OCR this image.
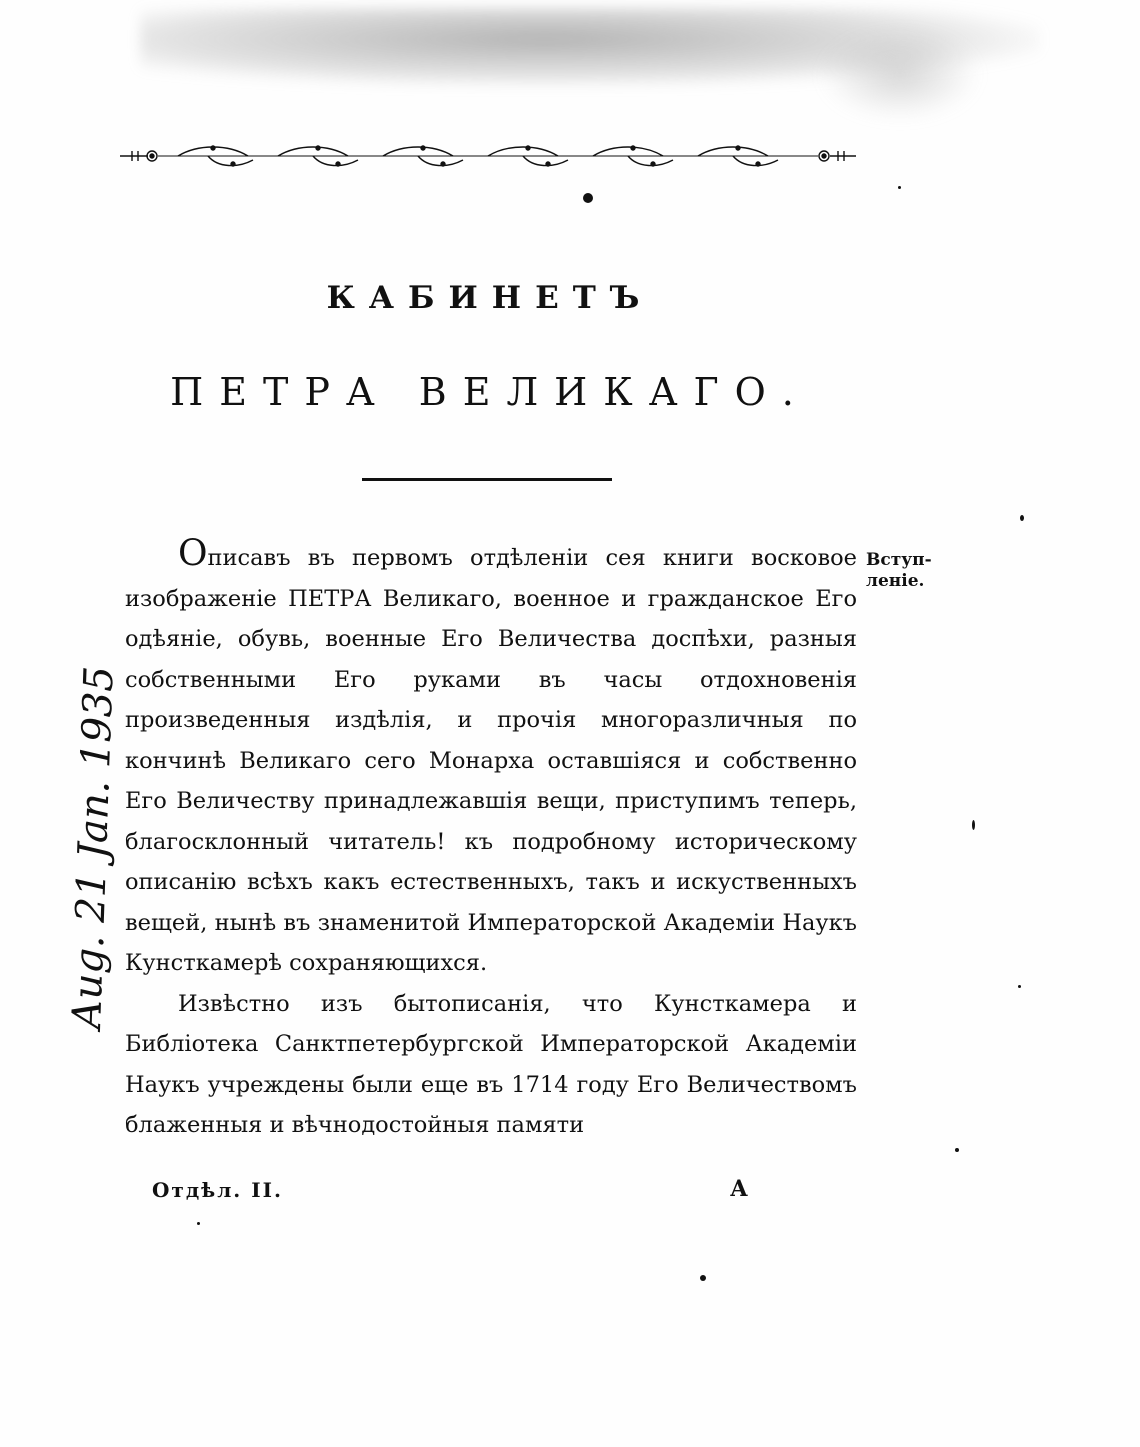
КАБИНЕТЪ
ПЕТРА ВЕЛИКАГО.
Вступ-
леніе.

Описавъ въ первомъ отдѣленіи сея книги восковое изображеніе ПЕТРА Великаго, военное и гражданское Его одѣяніе, обувь, военные Его Величества доспѣхи, разныя собственными Его руками въ часы отдохновенія произведенныя издѣлія, и прочія многоразличныя по кончинѣ Великаго сего Монарха оставшіяся и собственно Его Величеству принадлежавшія вещи, приступимъ теперь, благосклонный читатель! къ подробному историческому описанію всѣхъ какъ естественныхъ, такъ и искуственныхъ вещей, нынѣ въ знаменитой Императорской Академіи Наукъ Кунсткамерѣ сохраняющихся.

Извѣстно изъ бытописанія, что Кунсткамера и Библіотека Санктпетербургской Императорской Академіи Наукъ учреждены были еще въ 1714 году Его Величествомъ блаженныя и вѣчнодостойныя памяти

Отдѣл. II.	А
Аug. 21 Jan. 1935
